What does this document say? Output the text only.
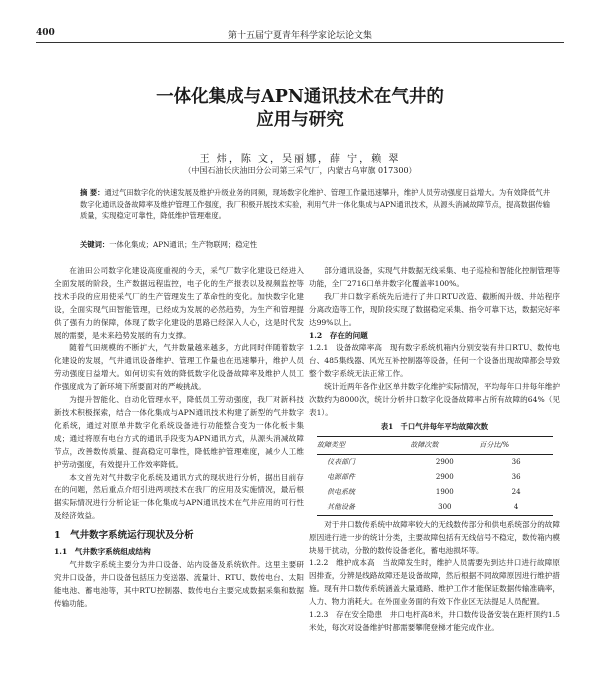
400	第十五届宁夏青年科学家论坛论文集
一体化集成与APN通讯技术在气井的
应用与研究
王 炜，陈 文，吴丽娜，薛 宁，赖 翠
（中国石油长庆油田分公司第三采气厂，内蒙古乌审旗 017300）
摘 要：通过气田数字化的快速发展及维护升级业务的同频，现场数字化维护、管理工作量迅速攀升，维护人员劳动强度日益增大。为有效降低气井数字化通讯设备故障率及维护管理工作强度，我厂积极开展技术实验，利用气井一体化集成与APN通讯技术，从源头消减故障节点，提高数据传输质量，实现稳定可靠性，降低维护管理难度。
关键词：一体化集成；APN通讯；生产物联网；稳定性

在油田公司数字化建设高度重视的今天，采气厂数字化建设已经进入全面发展的阶段，生产数据远程监控，电子化的生产报表以及视频监控等技术手段的应用使采气厂的生产管理发生了革命性的变化。加快数字化建设，全面实现气田智能管理，已经成为发展的必然趋势，为生产和管理提供了强有力的保障，体现了数字化建设的思路已经深入人心，这是时代发展的需要，是未来趋势发展的有力支撑。

随着气田规模的不断扩大，气井数量越来越多，方此同时伴随着数字化建设的发展，气井通讯设备维护、管理工作量也在迅速攀升，维护人员劳动强度日益增大。如何切实有效的降低数字化设备故障率及维护人员工作强度成为了新环境下所要面对的严峻挑战。

为提升智能化、自动化管理水平，降低员工劳动强度，我厂对新科技新技术积极探索，结合一体化集成与APN通讯技术构建了新型的气井数字化系统，通过对原单井数字化系统设备进行功能整合变为一体化板卡集成；通过将原有电台方式的通讯手段变为APN通讯方式，从源头消减故障节点，改善数传质量、提高稳定可靠性，降低维护管理难度，减少人工维护劳动强度，有效提升工作效率降低。

本文首先对气井数字化系统及通讯方式的现状进行分析，据出目前存在的问题，然后重点介绍引进两项技术在我厂的应用及实施情况，最后根据实际情况进行分析论证一体化集成与APN通讯技术在气井应用的可行性及经济效益。

1　气井数字系统运行现状及分析

1.1　气井数字系统组成结构

气井数字系统主要分为井口设备、站内设备及系统软件。这里主要研究井口设备，井口设备包括压力变送器、流量计、RTU、数传电台、太阳能电池、蓄电池等，其中RTU控制器、数传电台主要完成数据采集和数据传输功能。

部分通讯设备，实现气井数据无线采集、电子巡检和智能化控制管理等功能，全厂2716口单井数字化覆盖率100%。

我厂井口数字系统先后进行了井口RTU改造、截断阀升级、井站程序分离改造等工作，现阶段实现了数据稳定采集、指令可靠下达，数据完好率达99%以上。

1.2　存在的问题

1.2.1　设备故障率高　 现有数字系统机箱内分别安装有井口RTU、数传电台、485集线器、风光互补控制器等设备，任何一个设备出现故障都会导致整个数字系统无法正常工作。

统计近两年各作业区单井数字化维护实际情况，平均每年口井每年维护次数约为8000次，统计分析井口数字化设备故障率占所有故障的64%（见表1）。

表1　千口气井每年平均故障次数
故障类型	故障次数	百分比/%
仪表部门	2900	36
电源部件	2900	36
供电系统	1900	24
其他设备	300	4

对于井口数传系统中故障率较大的无线数传部分和供电系统部分的故障原因进行进一步的统计分类，主要故障包括有无线信号不稳定，数传箱内模块易干扰动，分散的数传设备老化，蓄电池损坏等。

1.2.2　维护成本高　 当故障发生时，维护人员需要先到达井口进行故障原因排查，分辨是线路故障还是设备故障，然后根据不同故障原因进行维护措施。现有井口数传系统涵盖大量通路、维护工作才能保证数据传输准确率，人力、物力消耗大。在外面业务面的有效下作业区无法提足人员配置。

1.2.3　存在安全隐患　 井口电杆高8米，井口数传设备安装在距杆顶约1.5米处，每次对设备维护时都需要攀爬登梯才能完成作业。
